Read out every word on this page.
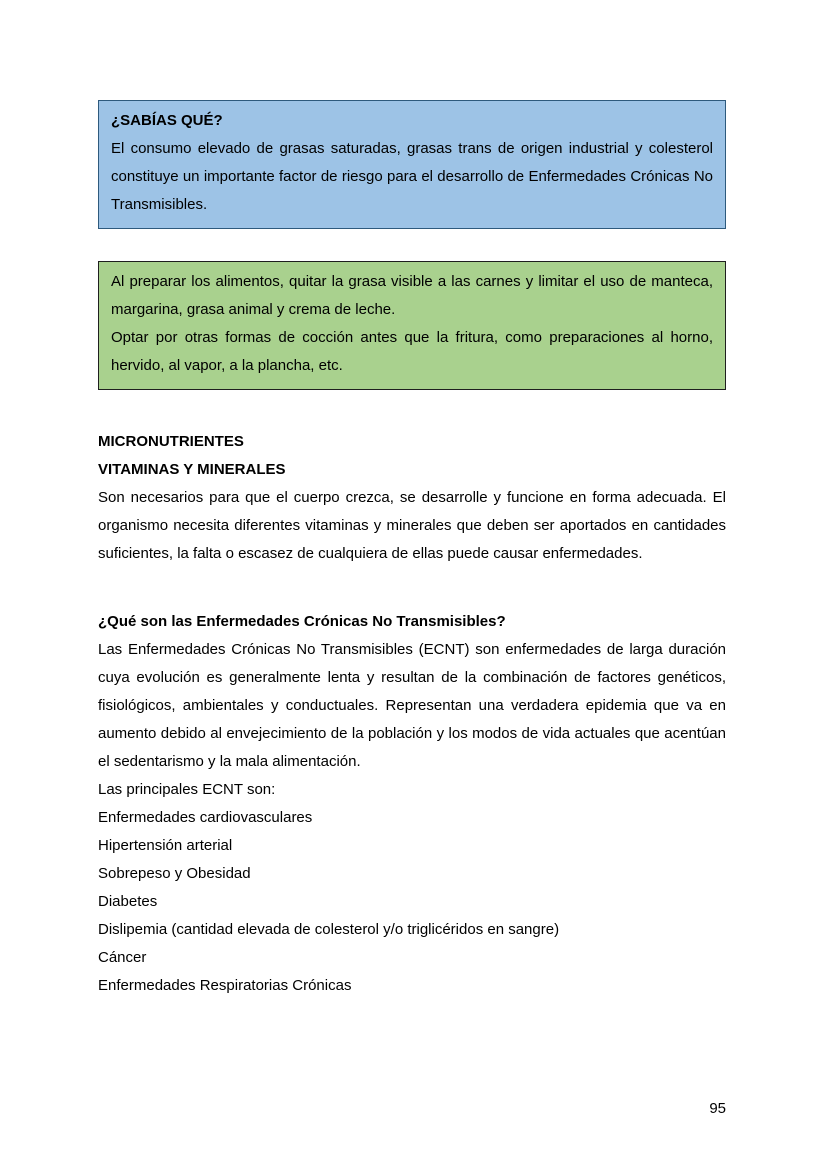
¿SABÍAS QUÉ?

El consumo elevado de grasas saturadas, grasas trans de origen industrial y colesterol constituye un importante factor de riesgo para el desarrollo de Enfermedades Crónicas No Transmisibles.

Al preparar los alimentos, quitar la grasa visible a las carnes y limitar el uso de manteca, margarina, grasa animal y crema de leche.

Optar por otras formas de cocción antes que la fritura, como preparaciones al horno, hervido, al vapor, a la plancha, etc.

MICRONUTRIENTES

VITAMINAS Y MINERALES

Son necesarios para que el cuerpo crezca, se desarrolle y funcione en forma adecuada. El organismo necesita diferentes vitaminas y minerales que deben ser aportados en cantidades suficientes, la falta o escasez de cualquiera de ellas puede causar enfermedades.

¿Qué son las Enfermedades Crónicas No Transmisibles?

Las Enfermedades Crónicas No Transmisibles (ECNT) son enfermedades de larga duración cuya evolución es generalmente lenta y resultan de la combinación de factores genéticos, fisiológicos, ambientales y conductuales. Representan una verdadera epidemia que va en aumento debido al envejecimiento de la población y los modos de vida actuales que acentúan el sedentarismo y la mala alimentación.

Las principales ECNT son:

Enfermedades cardiovasculares

Hipertensión arterial

Sobrepeso y Obesidad

Diabetes

Dislipemia (cantidad elevada de colesterol y/o triglicéridos en sangre)

Cáncer

Enfermedades Respiratorias Crónicas

95
